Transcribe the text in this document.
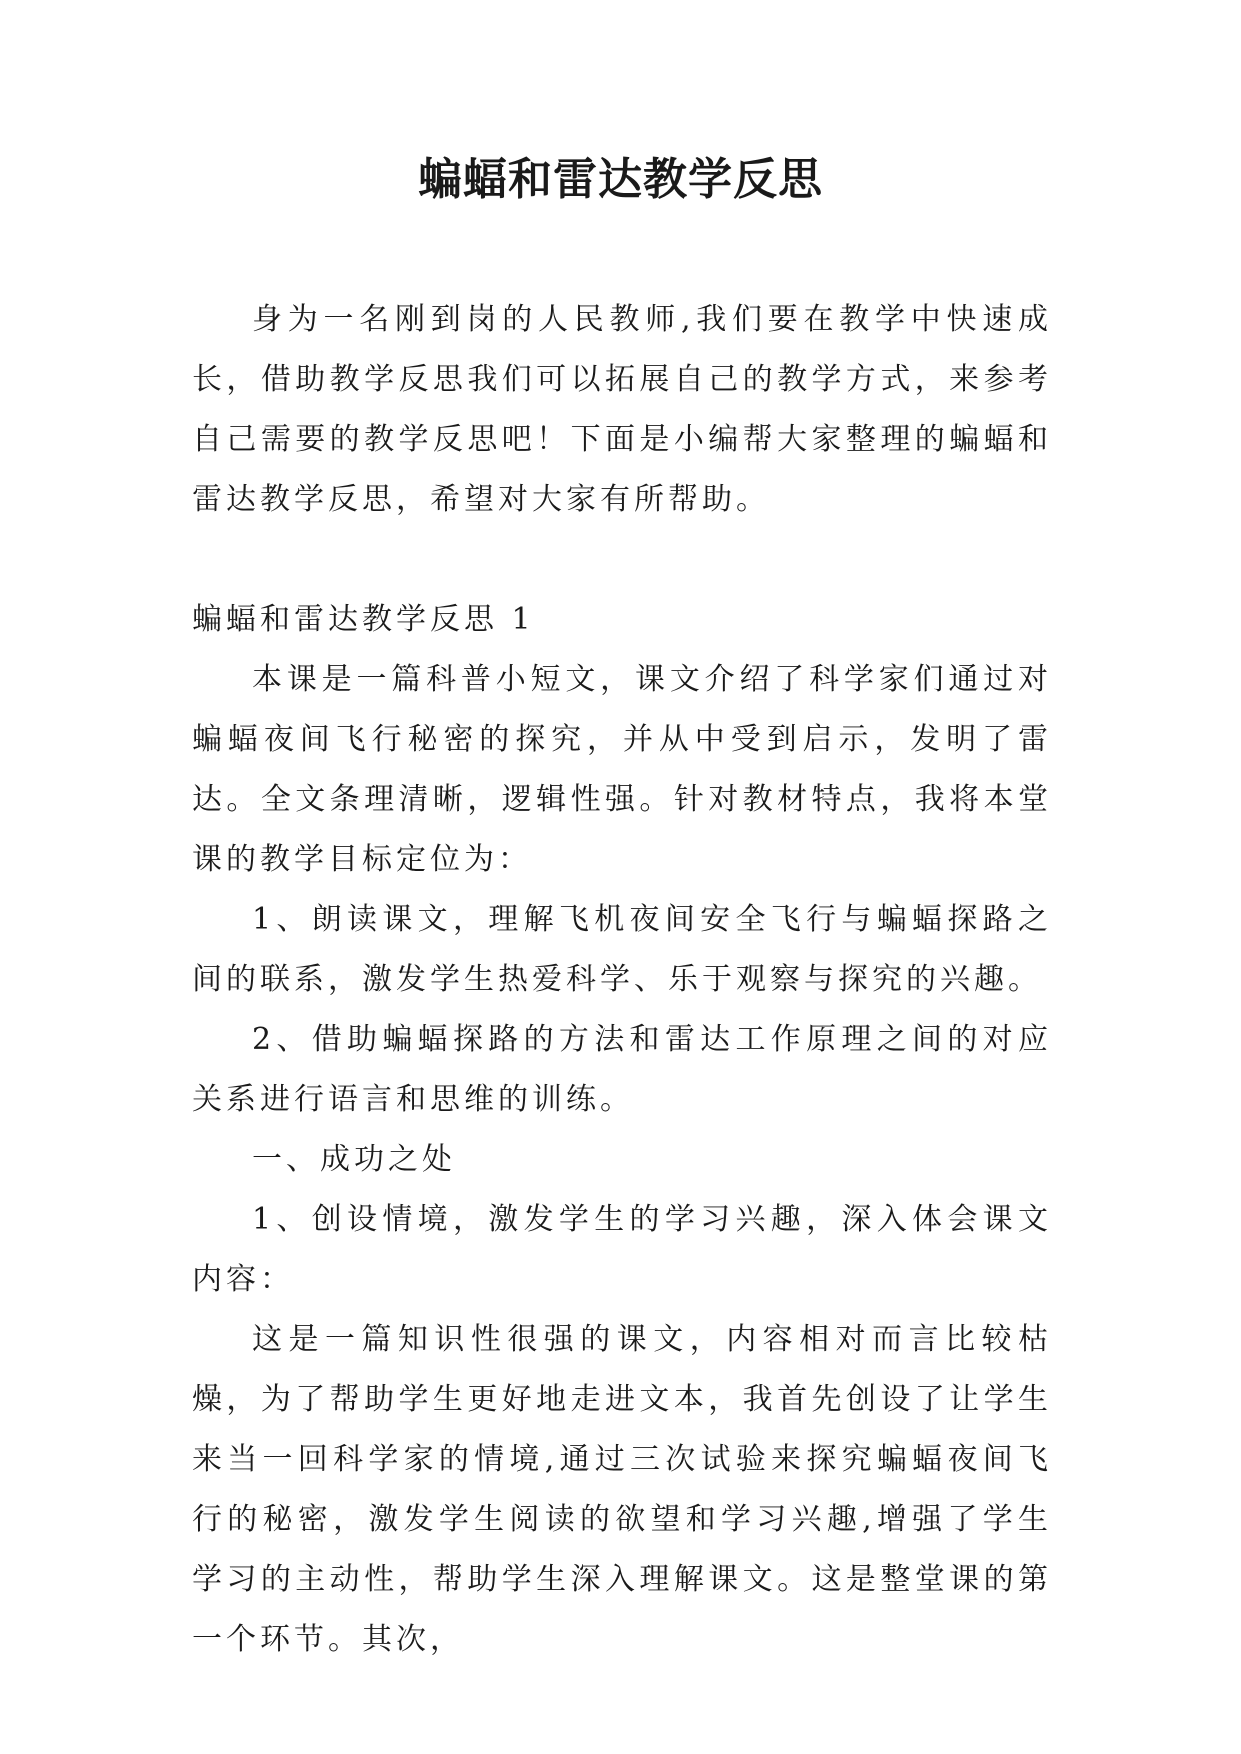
蝙蝠和雷达教学反思

身为一名刚到岗的人民教师,我们要在教学中快速成长，借助教学反思我们可以拓展自己的教学方式，来参考自己需要的教学反思吧！下面是小编帮大家整理的蝙蝠和雷达教学反思，希望对大家有所帮助。

蝙蝠和雷达教学反思 1

本课是一篇科普小短文，课文介绍了科学家们通过对蝙蝠夜间飞行秘密的探究，并从中受到启示，发明了雷达。全文条理清晰，逻辑性强。针对教材特点，我将本堂课的教学目标定位为：

1、朗读课文，理解飞机夜间安全飞行与蝙蝠探路之间的联系，激发学生热爱科学、乐于观察与探究的兴趣。

2、借助蝙蝠探路的方法和雷达工作原理之间的对应关系进行语言和思维的训练。

一、成功之处

1、创设情境，激发学生的学习兴趣，深入体会课文内容：

这是一篇知识性很强的课文，内容相对而言比较枯燥，为了帮助学生更好地走进文本，我首先创设了让学生来当一回科学家的情境,通过三次试验来探究蝙蝠夜间飞行的秘密，激发学生阅读的欲望和学习兴趣,增强了学生学习的主动性，帮助学生深入理解课文。这是整堂课的第一个环节。其次，
